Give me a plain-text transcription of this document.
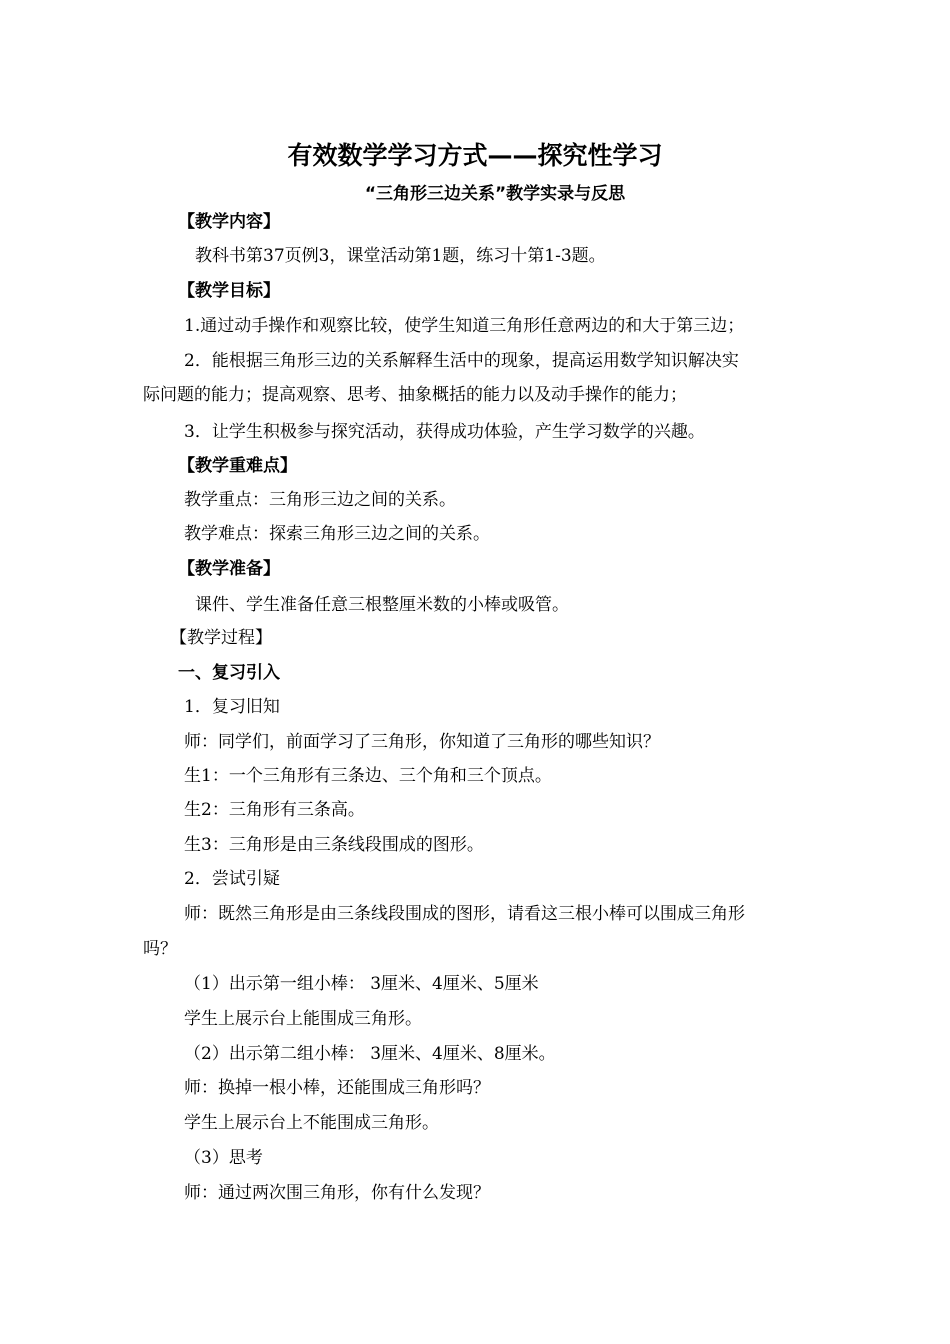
有效数学学习方式——探究性学习
“三角形三边关系”教学实录与反思
【教学内容】
教科书第37页例3，课堂活动第1题，练习十第1-3题。
【教学目标】
1.通过动手操作和观察比较，使学生知道三角形任意两边的和大于第三边；
2．能根据三角形三边的关系解释生活中的现象，提高运用数学知识解决实
际问题的能力；提高观察、思考、抽象概括的能力以及动手操作的能力；
3．让学生积极参与探究活动，获得成功体验，产生学习数学的兴趣。
【教学重难点】
教学重点：三角形三边之间的关系。
教学难点：探索三角形三边之间的关系。
【教学准备】
课件、学生准备任意三根整厘米数的小棒或吸管。
【教学过程】
一、复习引入
1．复习旧知
师：同学们，前面学习了三角形，你知道了三角形的哪些知识？
生1：一个三角形有三条边、三个角和三个顶点。
生2：三角形有三条高。
生3：三角形是由三条线段围成的图形。
2．尝试引疑
师：既然三角形是由三条线段围成的图形，请看这三根小棒可以围成三角形
吗？
（1）出示第一组小棒： 3厘米、4厘米、5厘米
学生上展示台上能围成三角形。
（2）出示第二组小棒： 3厘米、4厘米、8厘米。
师：换掉一根小棒，还能围成三角形吗？
学生上展示台上不能围成三角形。
（3）思考
师：通过两次围三角形，你有什么发现？
